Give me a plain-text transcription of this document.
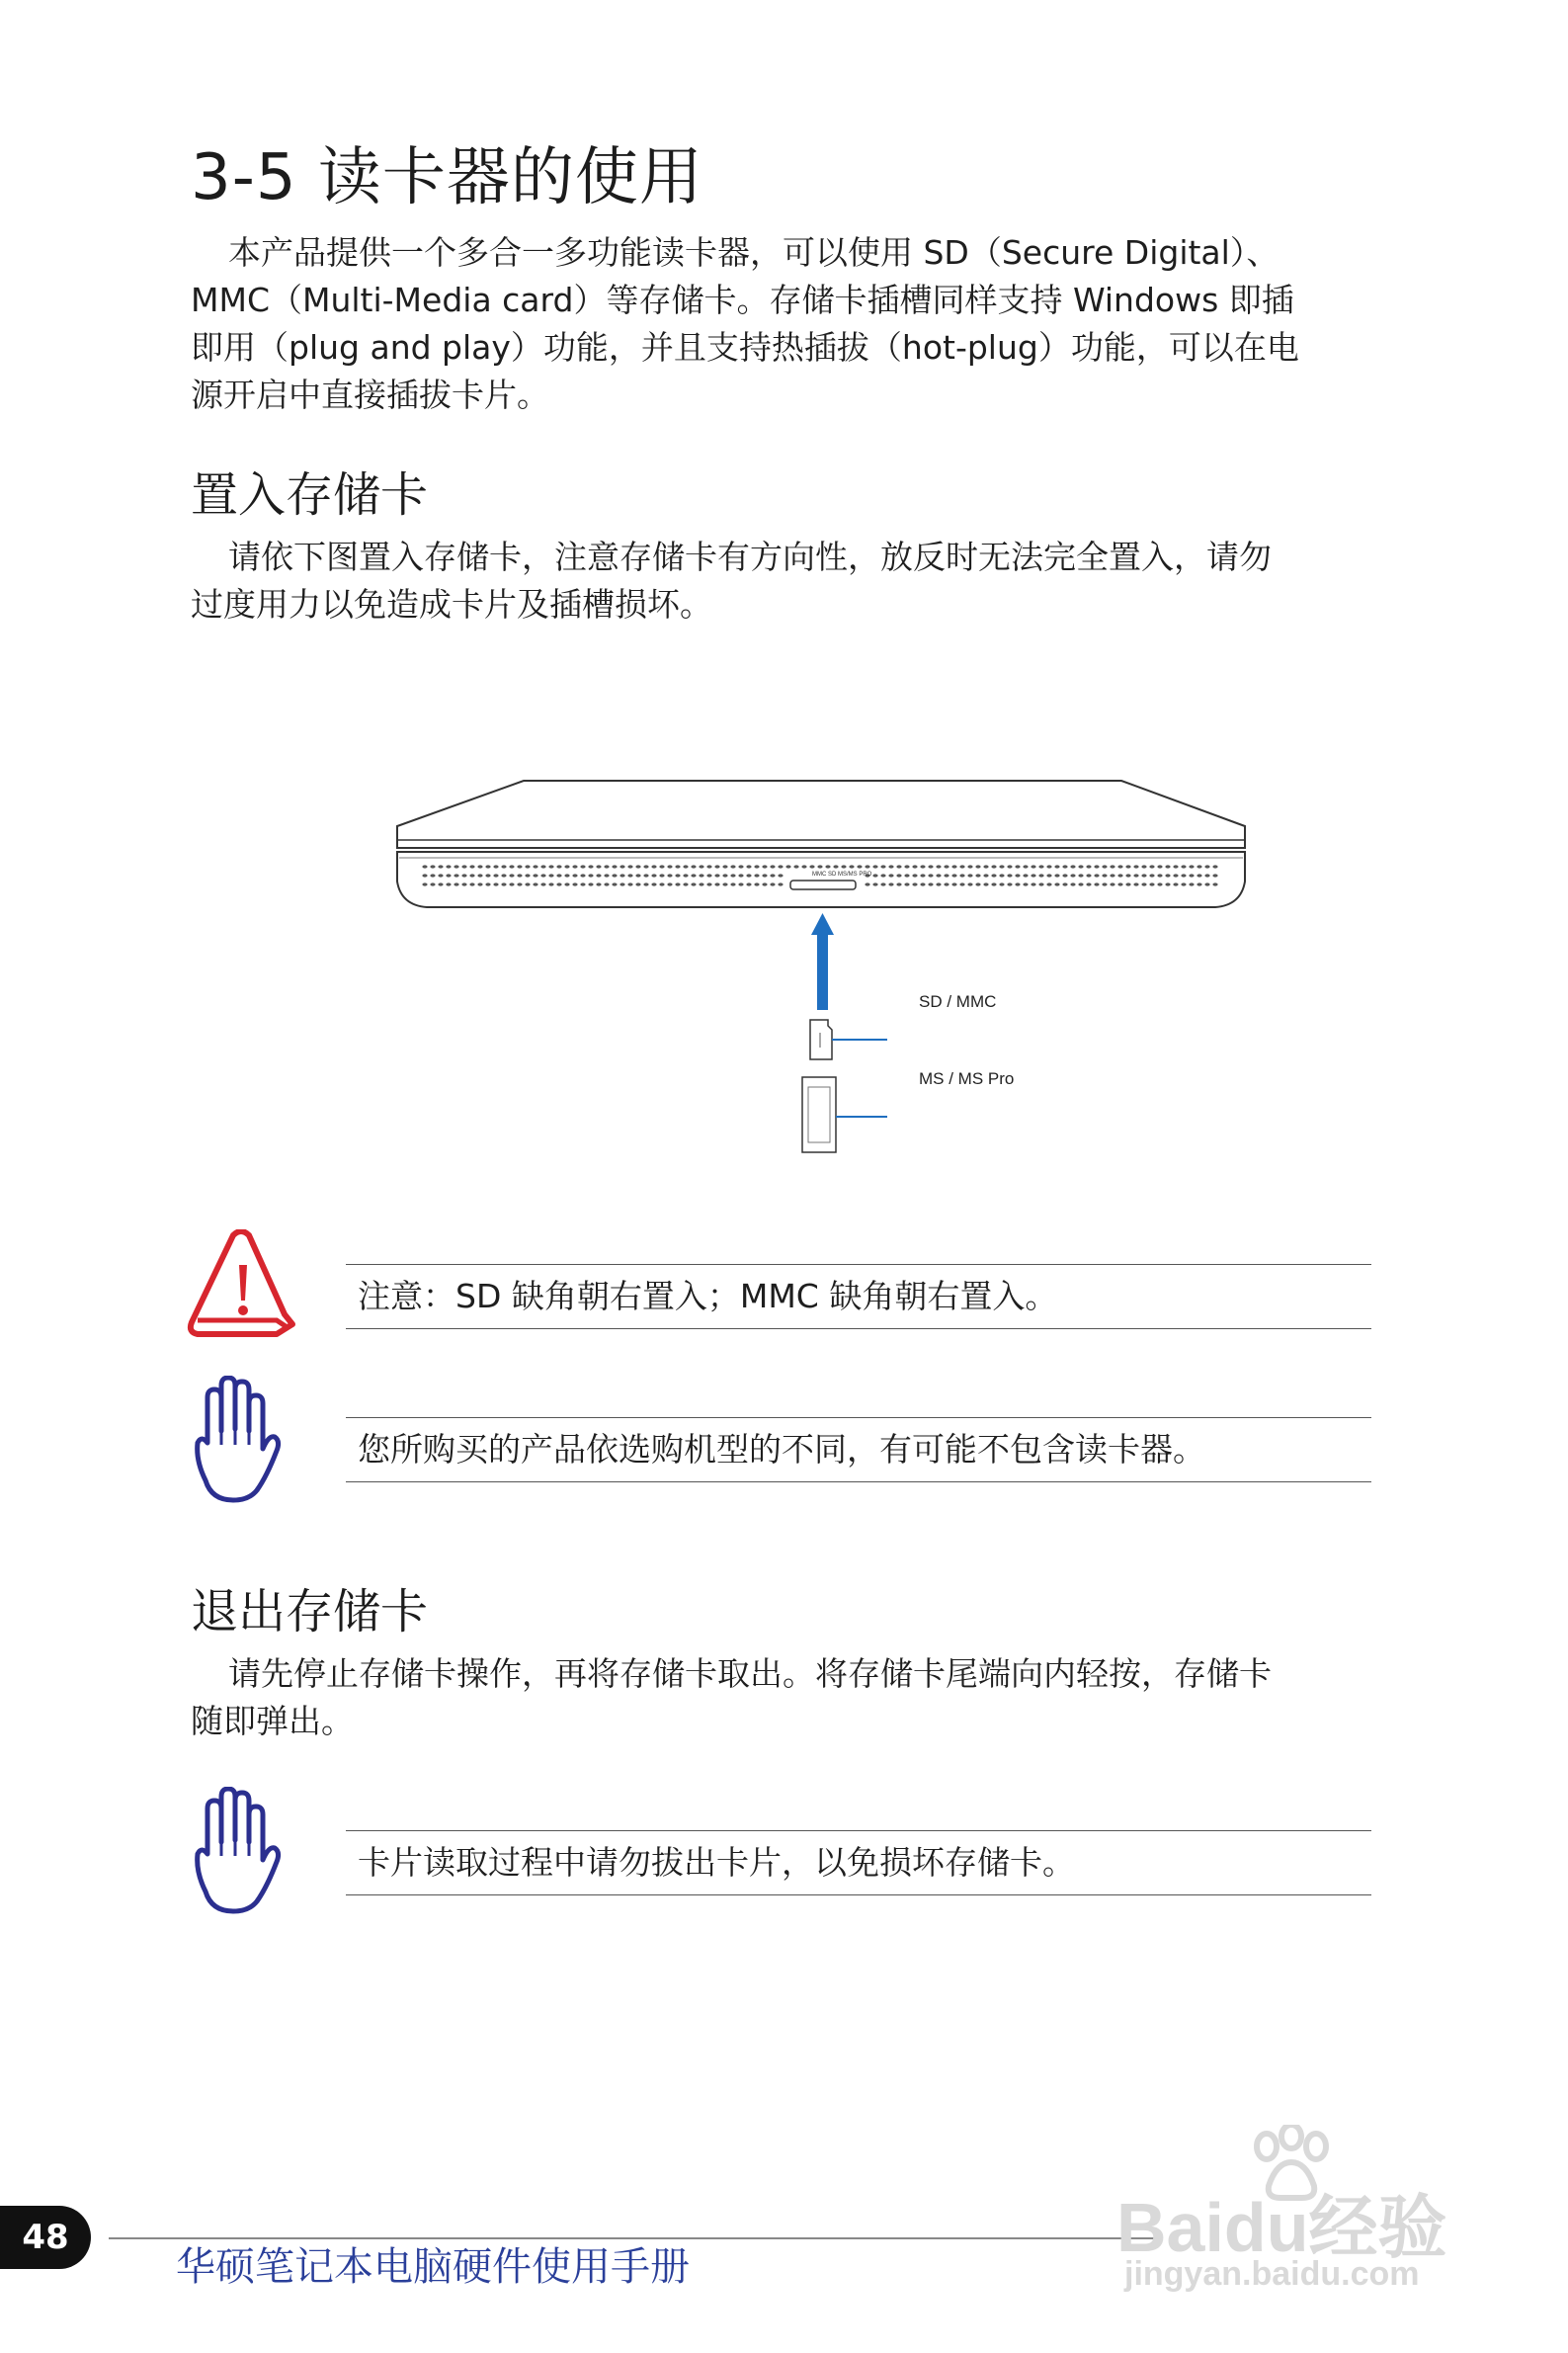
3-5 读卡器的使用
本产品提供一个多合一多功能读卡器，可以使用 SD（Secure Digital）、
MMC（Multi-Media card）等存储卡。存储卡插槽同样支持 Windows 即插
即用（plug and play）功能，并且支持热插拔（hot-plug）功能，可以在电
源开启中直接插拔卡片。
置入存储卡
请依下图置入存储卡，注意存储卡有方向性，放反时无法完全置入，请勿
过度用力以免造成卡片及插槽损坏。
MMC SD MS/MS PRO
SD / MMC
MS / MS Pro
注意：SD 缺角朝右置入；MMC 缺角朝右置入。
您所购买的产品依选购机型的不同，有可能不包含读卡器。
退出存储卡
请先停止存储卡操作，再将存储卡取出。将存储卡尾端向内轻按，存储卡
随即弹出。
卡片读取过程中请勿拔出卡片，以免损坏存储卡。
48
华硕笔记本电脑硬件使用手册
Baidu经验
jingyan.baidu.com
